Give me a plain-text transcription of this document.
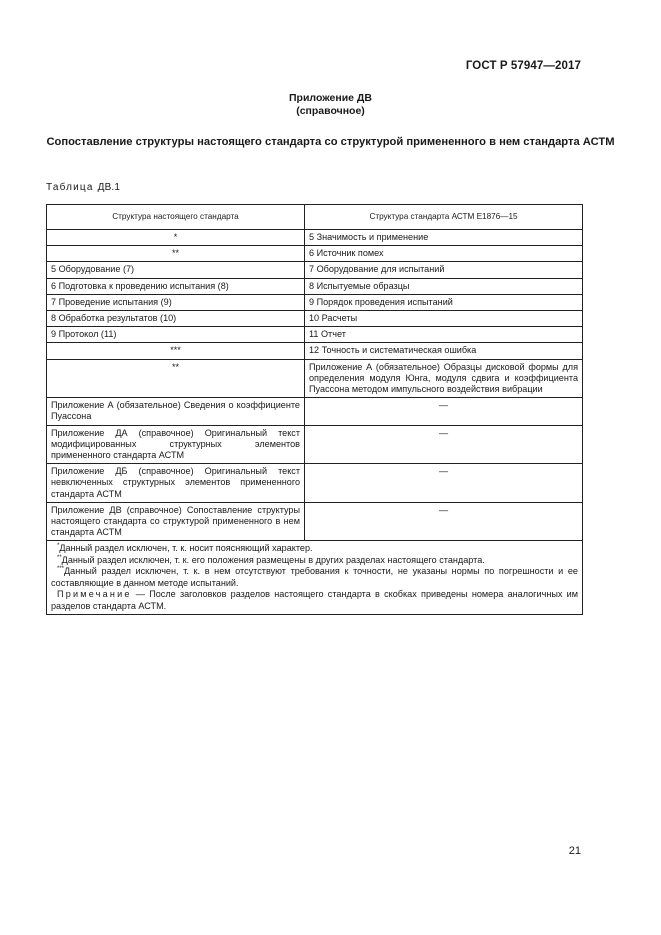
ГОСТ Р 57947—2017
Приложение ДВ
(справочное)
Сопоставление структуры настоящего стандарта со структурой примененного в нем стандарта АСТМ
Таблица ДВ.1
Структура настоящего стандарта	Структура стандарта АСТМ E1876—15
*	5 Значимость и применение
**	6 Источник помех
5 Оборудование (7)	7 Оборудование для испытаний
6 Подготовка к проведению испытания (8)	8 Испытуемые образцы
7 Проведение испытания (9)	9 Порядок проведения испытаний
8 Обработка результатов (10)	10 Расчеты
9 Протокол (11)	11 Отчет
***	12 Точность и систематическая ошибка
**	Приложение А (обязательное) Образцы дисковой формы для определения модуля Юнга, модуля сдвига и коэффициента Пуассона методом импульсного воздействия вибрации
Приложение А (обязательное) Сведения о коэффициенте Пуассона	—
Приложение ДА (справочное) Оригинальный текст модифицированных структурных элементов примененного стандарта АСТМ	—
Приложение ДБ (справочное) Оригинальный текст невключенных структурных элементов примененного стандарта АСТМ	—
Приложение ДВ (справочное) Сопоставление структуры настоящего стандарта со структурой примененного в нем стандарта АСТМ	—

*Данный раздел исключен, т. к. носит поясняющий характер.
**Данный раздел исключен, т. к. его положения размещены в других разделах настоящего стандарта.
***Данный раздел исключен, т. к. в нем отсутствуют требования к точности, не указаны нормы по погрешности и ее составляющие в данном методе испытаний.
Примечание — После заголовков разделов настоящего стандарта в скобках приведены номера аналогичных им разделов стандарта АСТМ.	
21
